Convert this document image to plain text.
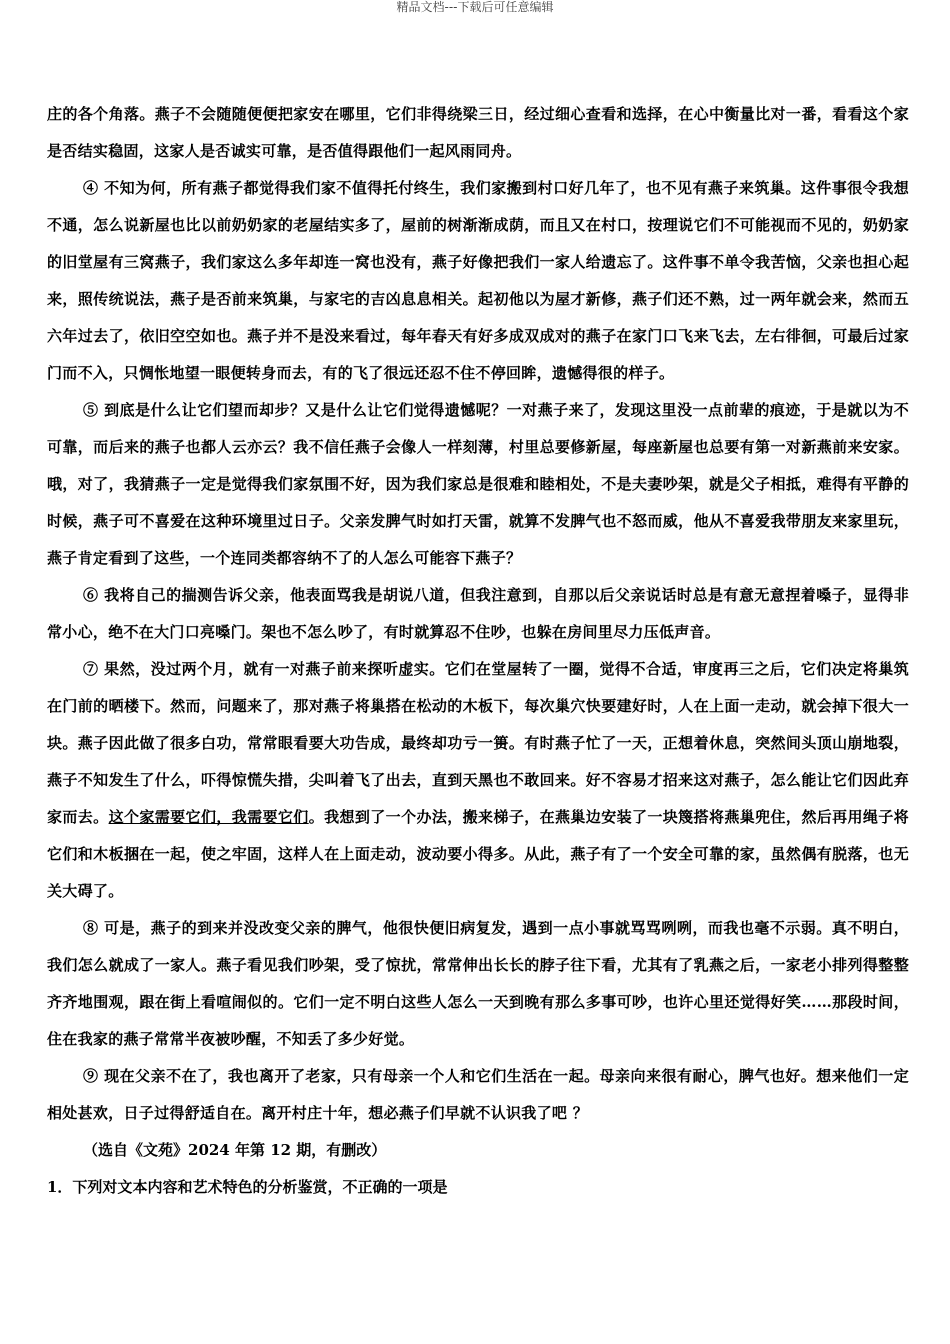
精品文档---下载后可任意编辑

庄的各个角落。燕子不会随随便便把家安在哪里，它们非得绕梁三日，经过细心查看和选择，在心中衡量比对一番，看看这个家是否结实稳固，这家人是否诚实可靠，是否值得跟他们一起风雨同舟。

④ 不知为何，所有燕子都觉得我们家不值得托付终生，我们家搬到村口好几年了，也不见有燕子来筑巢。这件事很令我想不通，怎么说新屋也比以前奶奶家的老屋结实多了，屋前的树渐渐成荫，而且又在村口，按理说它们不可能视而不见的，奶奶家的旧堂屋有三窝燕子，我们家这么多年却连一窝也没有，燕子好像把我们一家人给遗忘了。这件事不单令我苦恼，父亲也担心起来，照传统说法，燕子是否前来筑巢，与家宅的吉凶息息相关。起初他以为屋才新修，燕子们还不熟，过一两年就会来，然而五六年过去了，依旧空空如也。燕子并不是没来看过，每年春天有好多成双成对的燕子在家门口飞来飞去，左右徘徊，可最后过家门而不入，只惆怅地望一眼便转身而去，有的飞了很远还忍不住不停回眸，遗憾得很的样子。

⑤ 到底是什么让它们望而却步？又是什么让它们觉得遗憾呢？一对燕子来了，发现这里没一点前辈的痕迹，于是就以为不可靠，而后来的燕子也都人云亦云？我不信任燕子会像人一样刻薄，村里总要修新屋，每座新屋也总要有第一对新燕前来安家。哦，对了，我猜燕子一定是觉得我们家氛围不好，因为我们家总是很难和睦相处，不是夫妻吵架，就是父子相抵，难得有平静的时候，燕子可不喜爱在这种环境里过日子。父亲发脾气时如打天雷，就算不发脾气也不怒而威，他从不喜爱我带朋友来家里玩，燕子肯定看到了这些，一个连同类都容纳不了的人怎么可能容下燕子？

⑥ 我将自己的揣测告诉父亲，他表面骂我是胡说八道，但我注意到，自那以后父亲说话时总是有意无意捏着嗓子，显得非常小心，绝不在大门口亮嗓门。架也不怎么吵了，有时就算忍不住吵，也躲在房间里尽力压低声音。

⑦ 果然，没过两个月，就有一对燕子前来探听虚实。它们在堂屋转了一圈，觉得不合适，审度再三之后，它们决定将巢筑在门前的晒楼下。然而，问题来了，那对燕子将巢搭在松动的木板下，每次巢穴快要建好时，人在上面一走动，就会掉下很大一块。燕子因此做了很多白功，常常眼看要大功告成，最终却功亏一篑。有时燕子忙了一天，正想着休息，突然间头顶山崩地裂，燕子不知发生了什么，吓得惊慌失措，尖叫着飞了出去，直到天黑也不敢回来。好不容易才招来这对燕子，怎么能让它们因此弃家而去。这个家需要它们，我需要它们。我想到了一个办法，搬来梯子，在燕巢边安装了一块篾搭将燕巢兜住，然后再用绳子将它们和木板捆在一起，使之牢固，这样人在上面走动，波动要小得多。从此，燕子有了一个安全可靠的家，虽然偶有脱落，也无关大碍了。

⑧ 可是，燕子的到来并没改变父亲的脾气，他很快便旧病复发，遇到一点小事就骂骂咧咧，而我也毫不示弱。真不明白，我们怎么就成了一家人。燕子看见我们吵架，受了惊扰，常常伸出长长的脖子往下看，尤其有了乳燕之后，一家老小排列得整整齐齐地围观，跟在街上看喧闹似的。它们一定不明白这些人怎么一天到晚有那么多事可吵，也许心里还觉得好笑……那段时间，住在我家的燕子常常半夜被吵醒，不知丢了多少好觉。

⑨ 现在父亲不在了，我也离开了老家，只有母亲一个人和它们生活在一起。母亲向来很有耐心，脾气也好。想来他们一定相处甚欢，日子过得舒适自在。离开村庄十年，想必燕子们早就不认识我了吧 ？

（选自《文苑》2024 年第 12 期，有删改）

1．下列对文本内容和艺术特色的分析鉴赏，不正确的一项是
